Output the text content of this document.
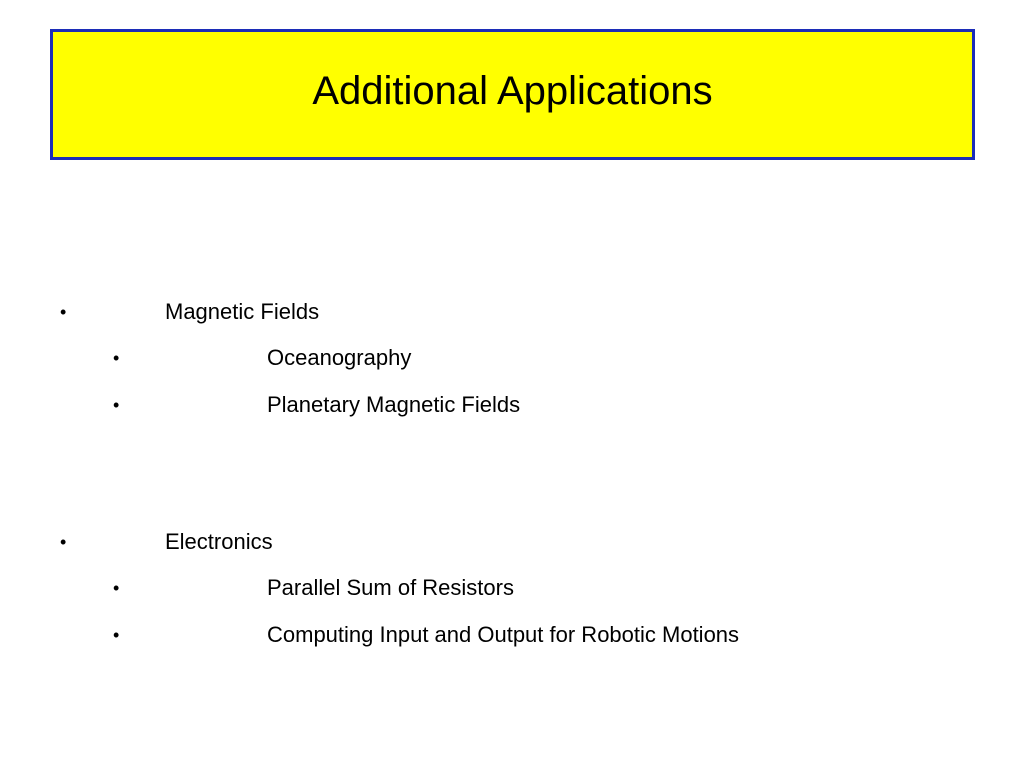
Additional Applications
•	Magnetic Fields
•	Oceanography
•	Planetary Magnetic Fields
•	Electronics
•	Parallel Sum of Resistors
•	Computing Input and Output for Robotic Motions
